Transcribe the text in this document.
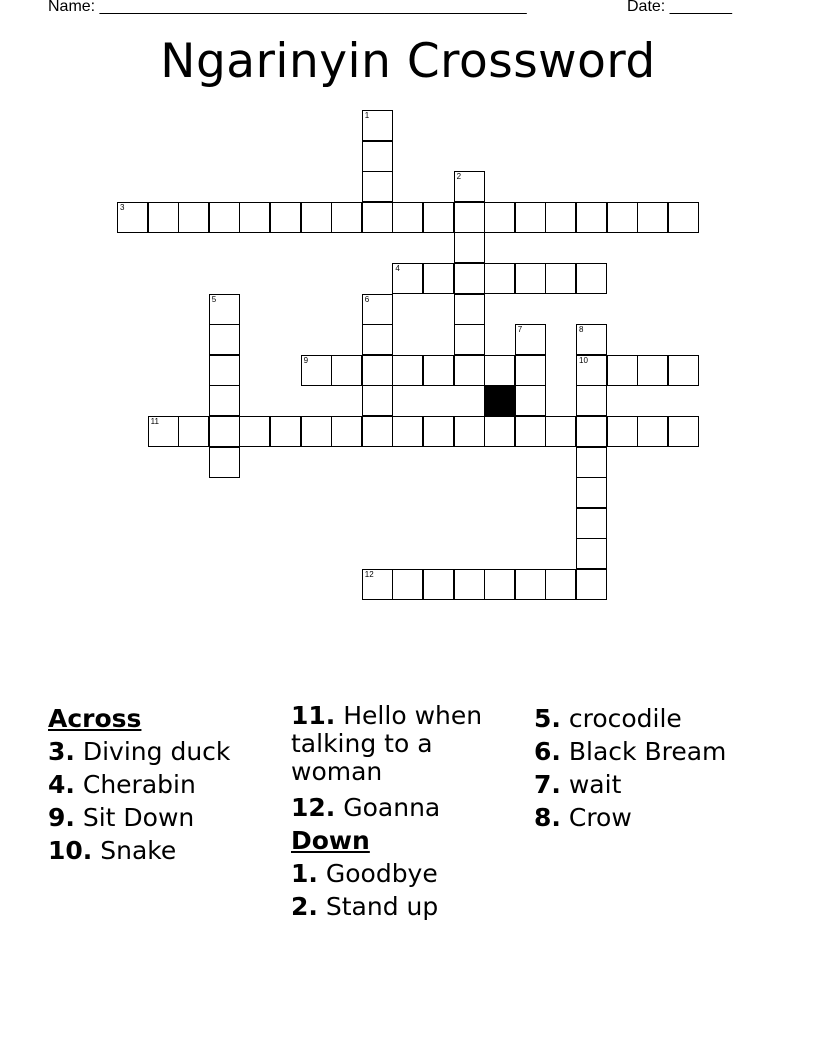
Name: ________________________________________________	Date: _______
Ngarinyin Crossword
1
2
3
4
5	6
7	8
10
9
11
12
Across
3. Diving duck
4. Cherabin
9. Sit Down
10. Snake
11. Hello when talking to a woman
12. Goanna
Down
1. Goodbye
2. Stand up
5. crocodile
6. Black Bream
7. wait
8. Crow
